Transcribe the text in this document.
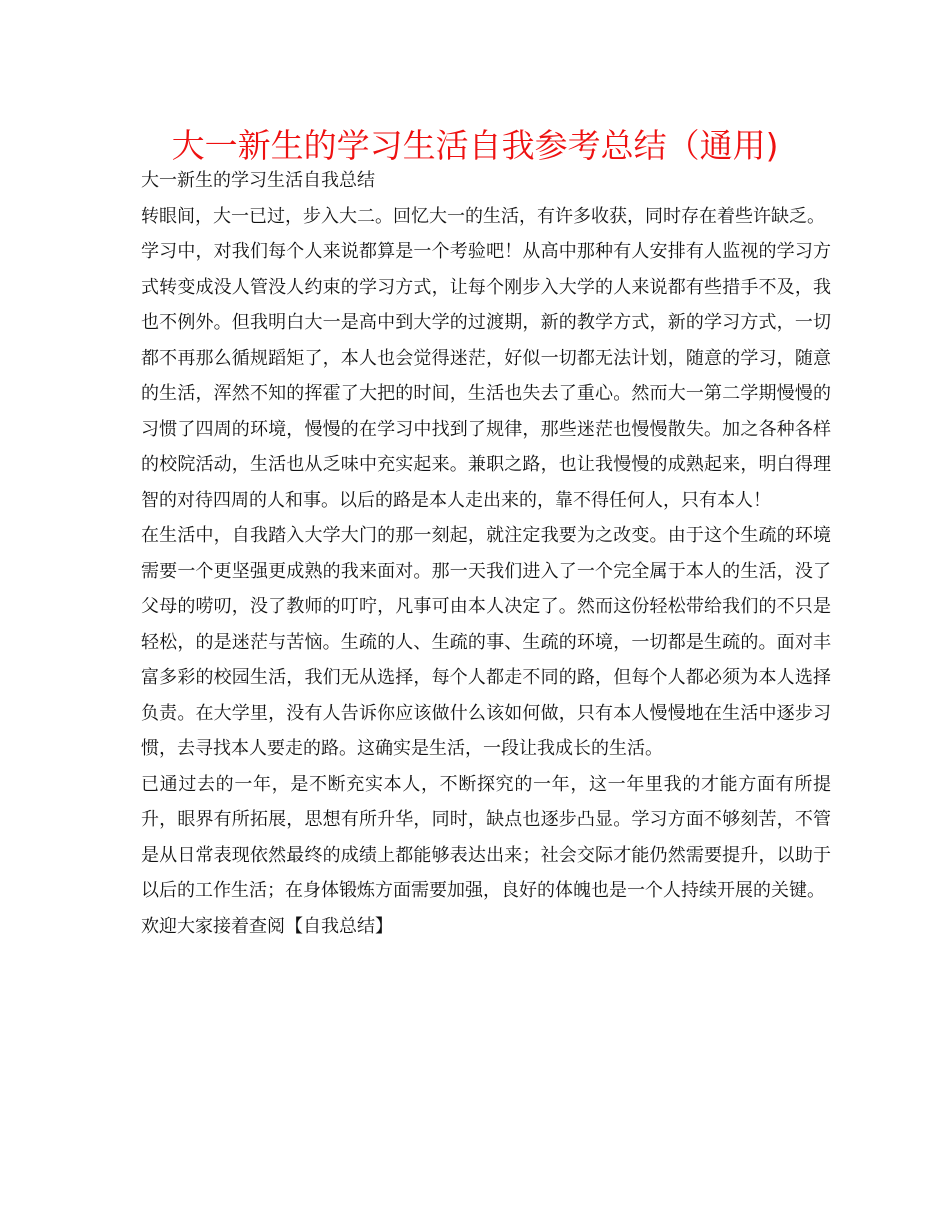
大一新生的学习生活自我参考总结（通用)

大一新生的学习生活自我总结

转眼间，大一已过，步入大二。回忆大一的生活，有许多收获，同时存在着些许缺乏。

学习中，对我们每个人来说都算是一个考验吧！从高中那种有人安排有人监视的学习方式转变成没人管没人约束的学习方式，让每个刚步入大学的人来说都有些措手不及，我也不例外。但我明白大一是高中到大学的过渡期，新的教学方式，新的学习方式，一切都不再那么循规蹈矩了，本人也会觉得迷茫，好似一切都无法计划，随意的学习，随意的生活，浑然不知的挥霍了大把的时间，生活也失去了重心。然而大一第二学期慢慢的习惯了四周的环境，慢慢的在学习中找到了规律，那些迷茫也慢慢散失。加之各种各样的校院活动，生活也从乏味中充实起来。兼职之路，也让我慢慢的成熟起来，明白得理智的对待四周的人和事。以后的路是本人走出来的，靠不得任何人，只有本人！

在生活中，自我踏入大学大门的那一刻起，就注定我要为之改变。由于这个生疏的环境需要一个更坚强更成熟的我来面对。那一天我们进入了一个完全属于本人的生活，没了父母的唠叨，没了教师的叮咛，凡事可由本人决定了。然而这份轻松带给我们的不只是轻松，的是迷茫与苦恼。生疏的人、生疏的事、生疏的环境，一切都是生疏的。面对丰富多彩的校园生活，我们无从选择，每个人都走不同的路，但每个人都必须为本人选择负责。在大学里，没有人告诉你应该做什么该如何做，只有本人慢慢地在生活中逐步习惯，去寻找本人要走的路。这确实是生活，一段让我成长的生活。

已通过去的一年，是不断充实本人，不断探究的一年，这一年里我的才能方面有所提升，眼界有所拓展，思想有所升华，同时，缺点也逐步凸显。学习方面不够刻苦，不管是从日常表现依然最终的成绩上都能够表达出来；社会交际才能仍然需要提升，以助于以后的工作生活；在身体锻炼方面需要加强，良好的体魄也是一个人持续开展的关键。

欢迎大家接着查阅【自我总结】
